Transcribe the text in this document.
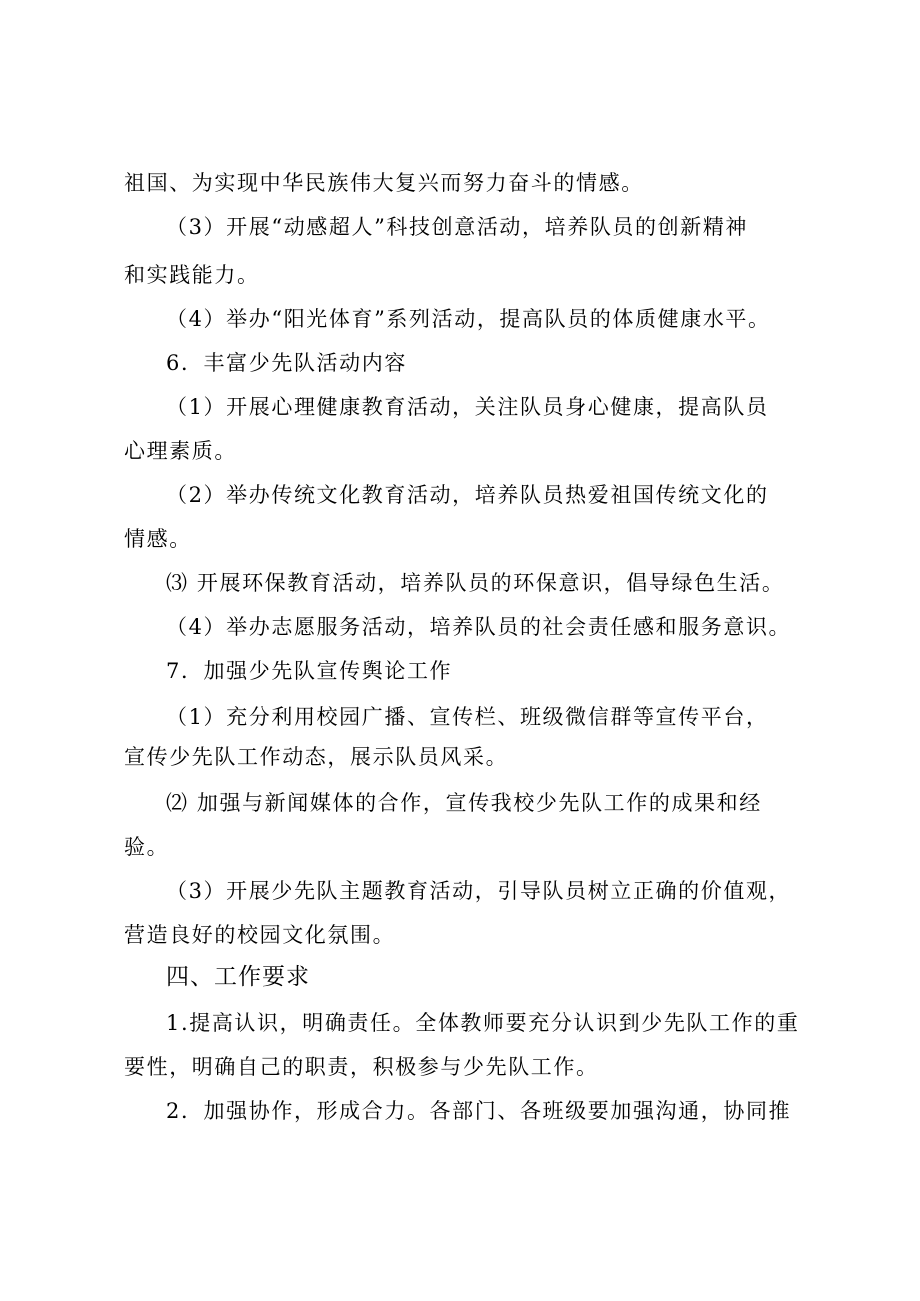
祖国、为实现中华民族伟大复兴而努力奋斗的情感。
（3）开展“动感超人”科技创意活动，培养队员的创新精神
和实践能力。
（4）举办“阳光体育”系列活动，提高队员的体质健康水平。
6．丰富少先队活动内容
（1）开展心理健康教育活动，关注队员身心健康，提高队员
心理素质。
（2）举办传统文化教育活动，培养队员热爱祖国传统文化的
情感。
⑶ 开展环保教育活动，培养队员的环保意识，倡导绿色生活。
（4）举办志愿服务活动，培养队员的社会责任感和服务意识。
7．加强少先队宣传舆论工作
（1）充分利用校园广播、宣传栏、班级微信群等宣传平台，
宣传少先队工作动态，展示队员风采。
⑵ 加强与新闻媒体的合作，宣传我校少先队工作的成果和经
验。
（3）开展少先队主题教育活动，引导队员树立正确的价值观，
营造良好的校园文化氛围。
四、工作要求
1.提高认识，明确责任。全体教师要充分认识到少先队工作的重
要性，明确自己的职责，积极参与少先队工作。
2．加强协作，形成合力。各部门、各班级要加强沟通，协同推
